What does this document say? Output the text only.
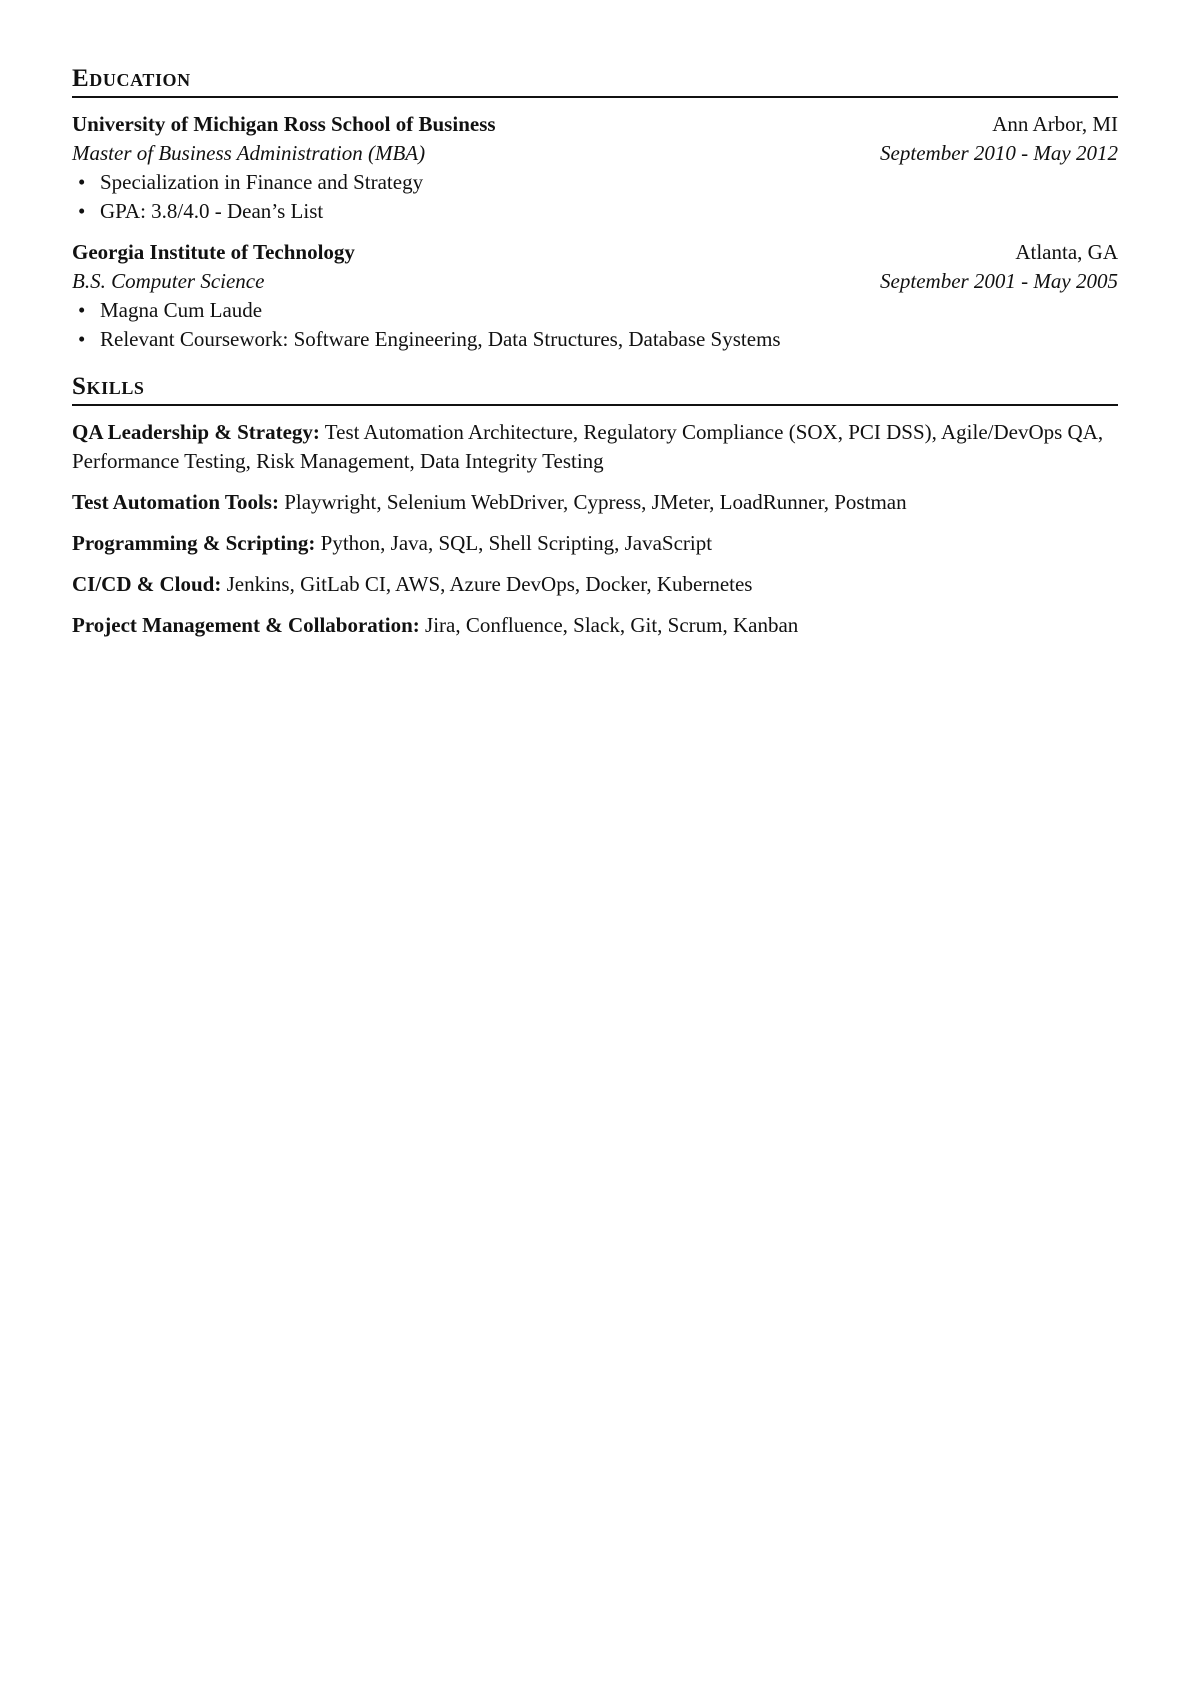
Education
University of Michigan Ross School of Business	Ann Arbor, MI
Master of Business Administration (MBA)	September 2010 - May 2012
• Specialization in Finance and Strategy
• GPA: 3.8/4.0 - Dean’s List
Georgia Institute of Technology	Atlanta, GA
B.S. Computer Science	September 2001 - May 2005
• Magna Cum Laude
• Relevant Coursework: Software Engineering, Data Structures, Database Systems
Skills
QA Leadership & Strategy: Test Automation Architecture, Regulatory Compliance (SOX, PCI DSS), Agile/DevOps QA, Performance Testing, Risk Management, Data Integrity Testing
Test Automation Tools: Playwright, Selenium WebDriver, Cypress, JMeter, LoadRunner, Postman
Programming & Scripting: Python, Java, SQL, Shell Scripting, JavaScript
CI/CD & Cloud: Jenkins, GitLab CI, AWS, Azure DevOps, Docker, Kubernetes
Project Management & Collaboration: Jira, Confluence, Slack, Git, Scrum, Kanban
